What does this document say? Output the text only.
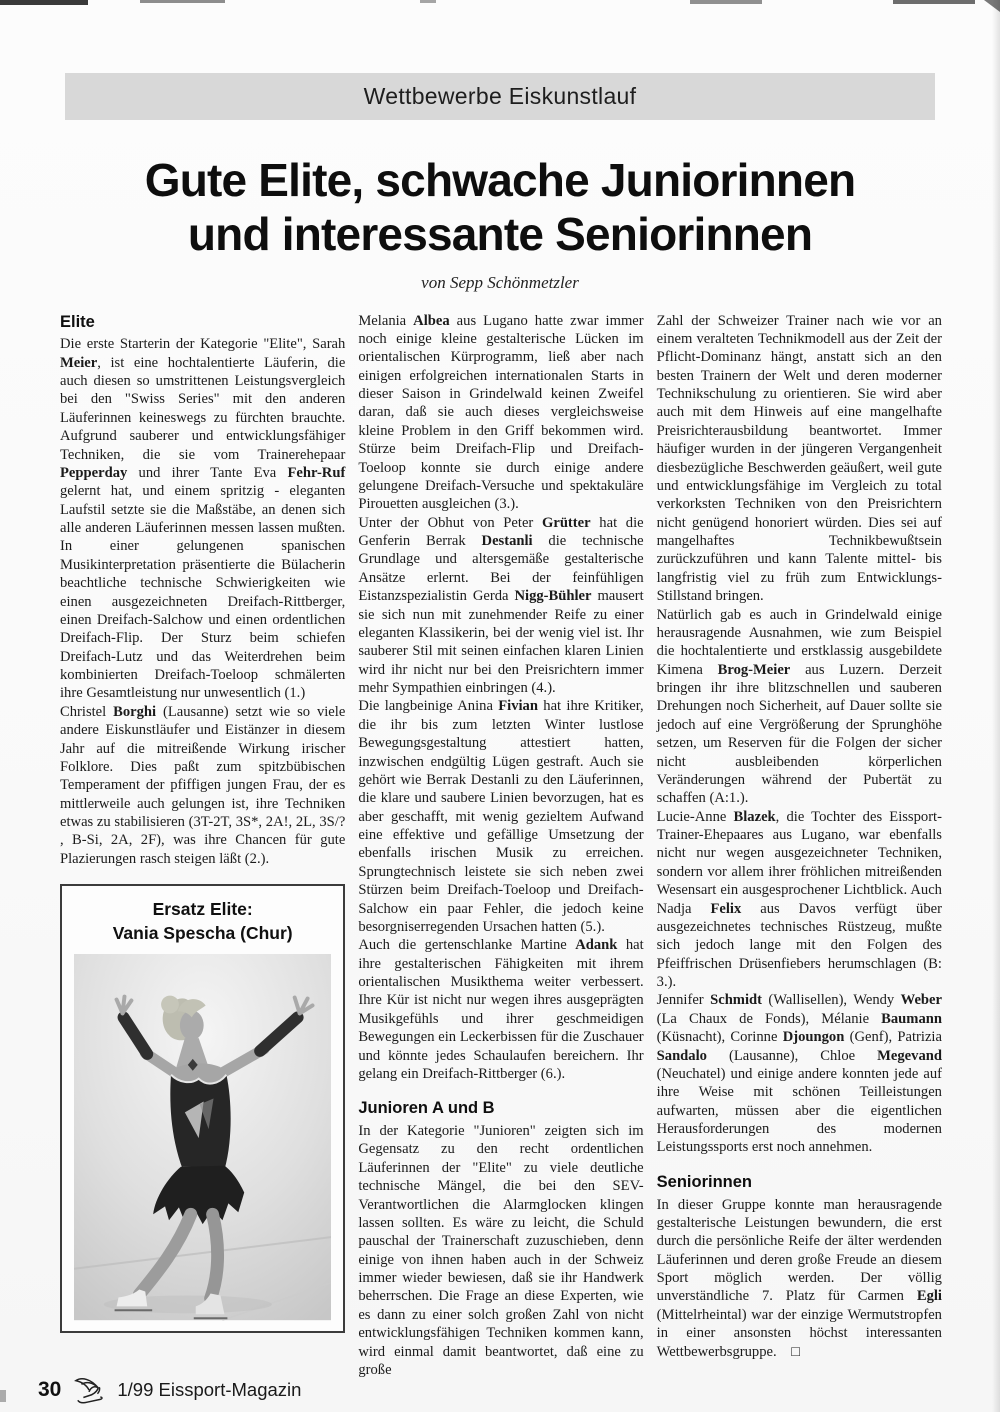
Wettbewerbe Eiskunstlauf
Gute Elite, schwache Juniorinnen
und interessante Seniorinnen
von Sepp Schönmetzler
Elite

Die erste Starterin der Kategorie "Elite", Sarah Meier, ist eine hochtalentierte Läuferin, die auch diesen so umstrittenen Leistungsvergleich bei den "Swiss Series" mit den anderen Läuferinnen keineswegs zu fürchten brauchte. Aufgrund sauberer und entwicklungsfähiger Techniken, die sie vom Trainerehepaar Pepperday und ihrer Tante Eva Fehr-Ruf gelernt hat, und einem spritzig - eleganten Laufstil setzte sie die Maßstäbe, an denen sich alle anderen Läuferinnen messen lassen mußten. In einer gelungenen spanischen Musikinterpretation präsentierte die Bülacherin beachtliche technische Schwierigkeiten wie einen ausgezeichneten Dreifach-Rittberger, einen Dreifach-Salchow und einen ordentlichen Dreifach-Flip. Der Sturz beim schiefen Dreifach-Lutz und das Weiterdrehen beim kombinierten Dreifach-Toeloop schmälerten ihre Gesamtleistung nur unwesentlich (1.)

Christel Borghi (Lausanne) setzt wie so viele andere Eiskunstläufer und Eistänzer in diesem Jahr auf die mitreißende Wirkung irischer Folklore. Dies paßt zum spitzbübischen Temperament der pfiffigen jungen Frau, der es mittlerweile auch gelungen ist, ihre Techniken etwas zu stabilisieren (3T-2T, 3S*, 2A!, 2L, 3S/? , B-Si, 2A, 2F), was ihre Chancen für gute Plazierungen rasch steigen läßt (2.).

Ersatz Elite:
Vania Spescha (Chur)

Melania Albea aus Lugano hatte zwar immer noch einige kleine gestalterische Lücken im orientalischen Kürprogramm, ließ aber nach einigen erfolgreichen internationalen Starts in dieser Saison in Grindelwald keinen Zweifel daran, daß sie auch dieses vergleichsweise kleine Problem in den Griff bekommen wird. Stürze beim Dreifach-Flip und Dreifach-Toeloop konnte sie durch einige andere gelungene Dreifach-Versuche und spektakuläre Pirouetten ausgleichen (3.).

Unter der Obhut von Peter Grütter hat die Genferin Berrak Destanli die technische Grundlage und altersgemäße gestalterische Ansätze erlernt. Bei der feinfühligen Eistanzspezialistin Gerda Nigg-Bühler mausert sie sich nun mit zunehmender Reife zu einer eleganten Klassikerin, bei der wenig viel ist. Ihr sauberer Stil mit seinen einfachen klaren Linien wird ihr nicht nur bei den Preisrichtern immer mehr Sympathien einbringen (4.).

Die langbeinige Anina Fivian hat ihre Kritiker, die ihr bis zum letzten Winter lustlose Bewegungsgestaltung attestiert hatten, inzwischen endgültig Lügen gestraft. Auch sie gehört wie Berrak Destanli zu den Läuferinnen, die klare und saubere Linien bevorzugen, hat es aber geschafft, mit wenig gezieltem Aufwand eine effektive und gefällige Umsetzung der ebenfalls irischen Musik zu erreichen. Sprungtechnisch leistete sie sich neben zwei Stürzen beim Dreifach-Toeloop und Dreifach-Salchow ein paar Fehler, die jedoch keine besorgniserregenden Ursachen hatten (5.).

Auch die gertenschlanke Martine Adank hat ihre gestalterischen Fähigkeiten mit ihrem orientalischen Musikthema weiter verbessert. Ihre Kür ist nicht nur wegen ihres ausgeprägten Musikgefühls und ihrer geschmeidigen Bewegungen ein Leckerbissen für die Zuschauer und könnte jedes Schaulaufen bereichern. Ihr gelang ein Dreifach-Rittberger (6.).

Junioren A und B

In der Kategorie "Junioren" zeigten sich im Gegensatz zu den recht ordentlichen Läuferinnen der "Elite" zu viele deutliche technische Mängel, die bei den SEV-Verantwortlichen die Alarmglocken klingen lassen sollten. Es wäre zu leicht, die Schuld pauschal der Trainerschaft zuzuschieben, denn einige von ihnen haben auch in der Schweiz immer wieder bewiesen, daß sie ihr Handwerk beherrschen. Die Frage an diese Experten, wie es dann zu einer solch großen Zahl von nicht entwicklungsfähigen Techniken kommen kann, wird einmal damit beantwortet, daß eine zu große

Zahl der Schweizer Trainer nach wie vor an einem veralteten Technikmodell aus der Zeit der Pflicht-Dominanz hängt, anstatt sich an den besten Trainern der Welt und deren moderner Technikschulung zu orientieren. Sie wird aber auch mit dem Hinweis auf eine mangelhafte Preisrichterausbildung beantwortet. Immer häufiger wurden in der jüngeren Vergangenheit diesbezügliche Beschwerden geäußert, weil gute und entwicklungsfähige im Vergleich zu total verkorksten Techniken von den Preisrichtern nicht genügend honoriert würden. Dies sei auf mangelhaftes Technikbewußtsein zurückzuführen und kann Talente mittel- bis langfristig viel zu früh zum Entwicklungs-Stillstand bringen.

Natürlich gab es auch in Grindelwald einige herausragende Ausnahmen, wie zum Beispiel die hochtalentierte und erstklassig ausgebildete Kimena Brog-Meier aus Luzern. Derzeit bringen ihr ihre blitzschnellen und sauberen Drehungen noch Sicherheit, auf Dauer sollte sie jedoch auf eine Vergrößerung der Sprunghöhe setzen, um Reserven für die Folgen der sicher nicht ausbleibenden körperlichen Veränderungen während der Pubertät zu schaffen (A:1.).

Lucie-Anne Blazek, die Tochter des Eissport-Trainer-Ehepaares aus Lugano, war ebenfalls nicht nur wegen ausgezeichneter Techniken, sondern vor allem ihrer fröhlichen mitreißenden Wesensart ein ausgesprochener Lichtblick. Auch Nadja Felix aus Davos verfügt über ausgezeichnetes technisches Rüstzeug, mußte sich jedoch lange mit den Folgen des Pfeiffrischen Drüsenfiebers herumschlagen (B: 3.).

Jennifer Schmidt (Wallisellen), Wendy Weber (La Chaux de Fonds), Mélanie Baumann (Küsnacht), Corinne Djoungon (Genf), Patrizia Sandalo (Lausanne), Chloe Megevand (Neuchatel) und einige andere konnten jede auf ihre Weise mit schönen Teilleistungen aufwarten, müssen aber die eigentlichen Herausforderungen des modernen Leistungssports erst noch annehmen.

Seniorinnen

In dieser Gruppe konnte man herausragende gestalterische Leistungen bewundern, die erst durch die persönliche Reife der älter werdenden Läuferinnen und deren große Freude an diesem Sport möglich werden. Der völlig unverständliche 7. Platz für Carmen Egli (Mittelrheintal) war der einzige Wermutstropfen in einer ansonsten höchst interessanten Wettbewerbsgruppe.  □

30	1/99 Eissport-Magazin
